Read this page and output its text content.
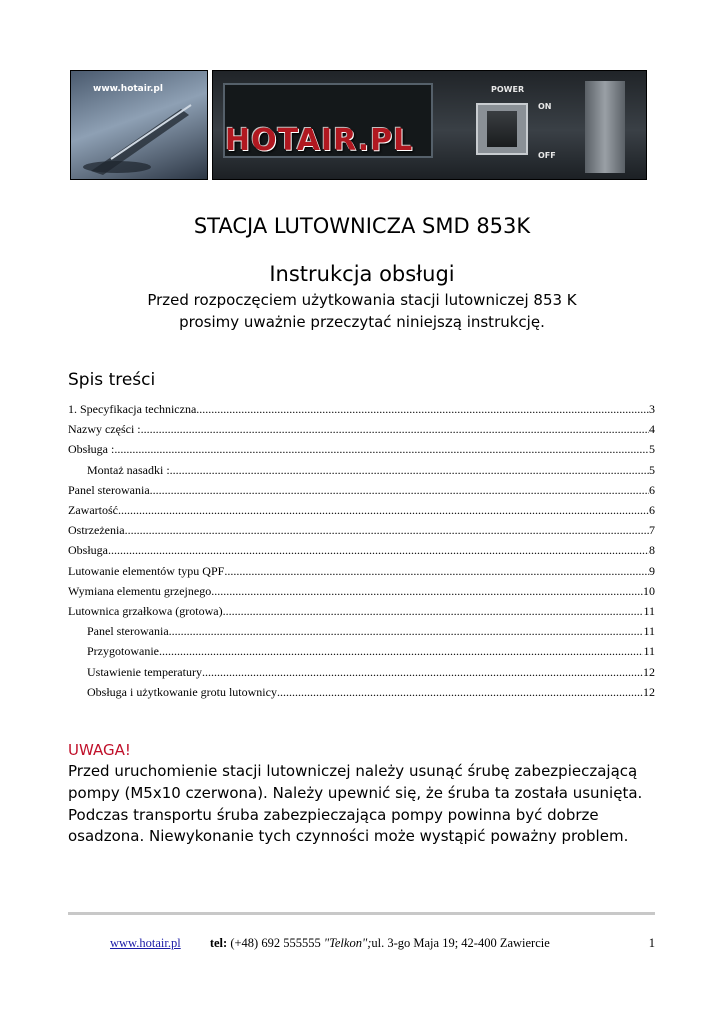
www.hotair.pl
HOTAIR.PL
POWER
ON
OFF
STACJA LUTOWNICZA SMD 853K
Instrukcja obsługi
Przed rozpoczęciem użytkowania stacji lutowniczej 853 K
prosimy uważnie przeczytać niniejszą instrukcję.
Spis treści
1. Specyfikacja techniczna .....	3
Nazwy części : .....	4
Obsługa : .....	5
Montaż nasadki : .....	5
Panel sterowania .....	6
Zawartość .....	6
Ostrzeżenia .....	7
Obsługa .....	8
Lutowanie elementów typu QPF .....	9
Wymiana elementu grzejnego .....	10
Lutownica grzałkowa (grotowa) .....	11
Panel sterowania .....	11
Przygotowanie .....	11
Ustawienie temperatury .....	12
Obsługa i użytkowanie grotu lutownicy .....	12
UWAGA!
Przed uruchomienie stacji lutowniczej należy usunąć śrubę zabezpieczającą
pompy (M5x10 czerwona). Należy upewnić się, że śruba ta została usunięta.
Podczas transportu śruba zabezpieczająca pompy powinna być dobrze
osadzona. Niewykonanie tych czynności może wystąpić poważny problem.
www.hotair.pl tel: (+48) 692 555555 "Telkon";ul. 3-go Maja 19; 42-400 Zawiercie	1
